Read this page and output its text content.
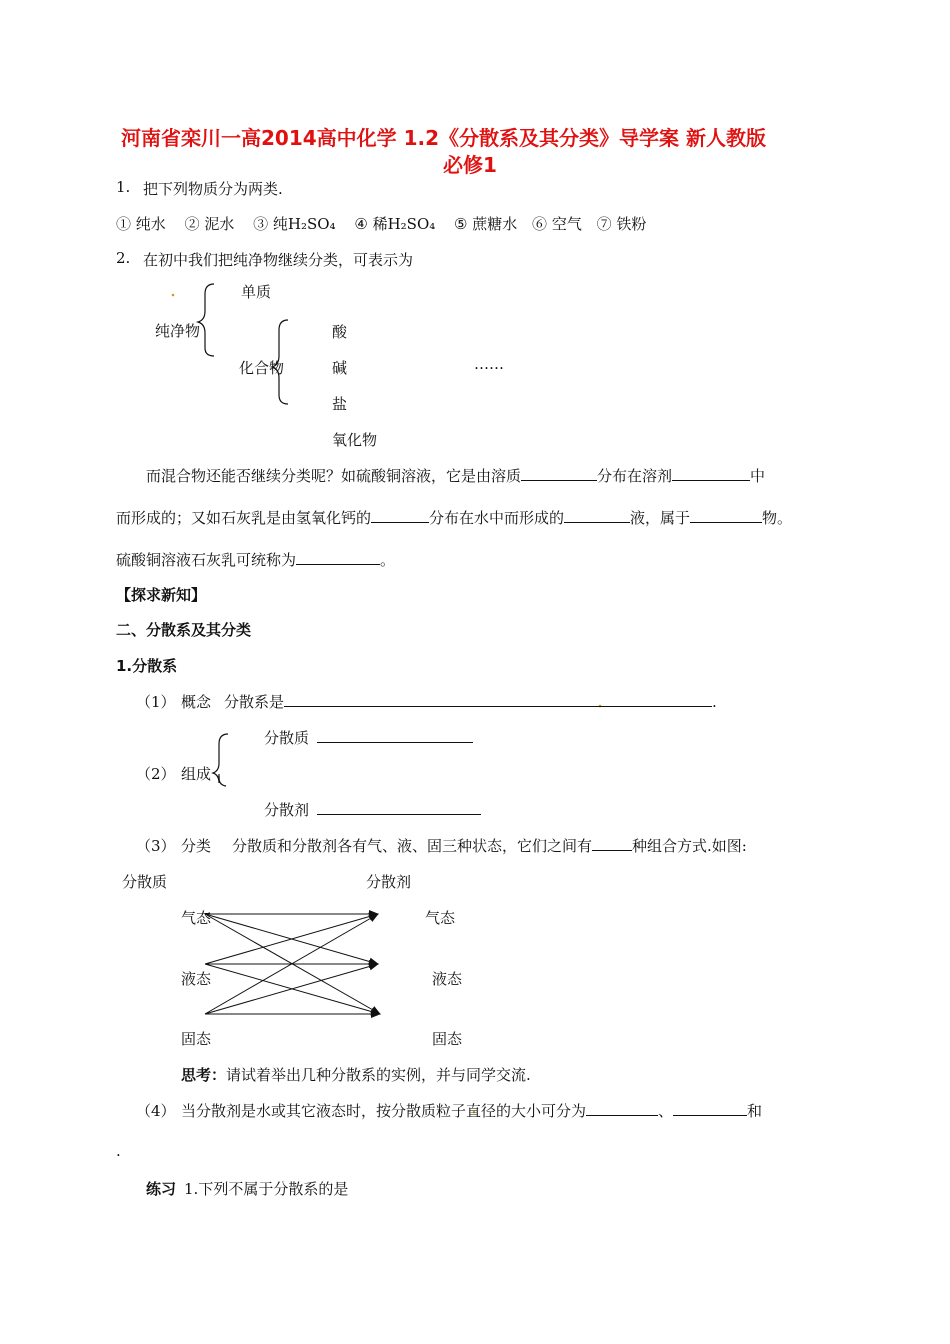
河南省栾川一高2014高中化学 1.2《分散系及其分类》导学案 新人教版
必修1
1. 把下列物质分为两类.
① 纯水 ② 泥水 ③ 纯H₂SO₄ ④ 稀H₂SO₄ ⑤ 蔗糖水 ⑥ 空气 ⑦ 铁粉
2. 在初中我们把纯净物继续分类，可表示为
纯净物
单质
化合物
酸
碱
盐
氧化物
……
而混合物还能否继续分类呢？如硫酸铜溶液，它是由溶质	分布在溶剂	中
而形成的；又如石灰乳是由氢氧化钙的	分布在水中而形成的	液，属于	物。
硫酸铜溶液石灰乳可统称为	。
【探求新知】
二、分散系及其分类
1.分散系
（1） 概念 分散系是	.
（2） 组成
分散质
分散剂
（3） 分类 分散质和分散剂各有气、液、固三种状态，它们之间有	种组合方式.如图:
分散质	分散剂
气态
液态
固态
气态
液态
固态
思考：请试着举出几种分散系的实例，并与同学交流.
（4） 当分散剂是水或其它液态时，按分散质粒子直径的大小可分为	、	和
.
练习 1.下列不属于分散系的是
